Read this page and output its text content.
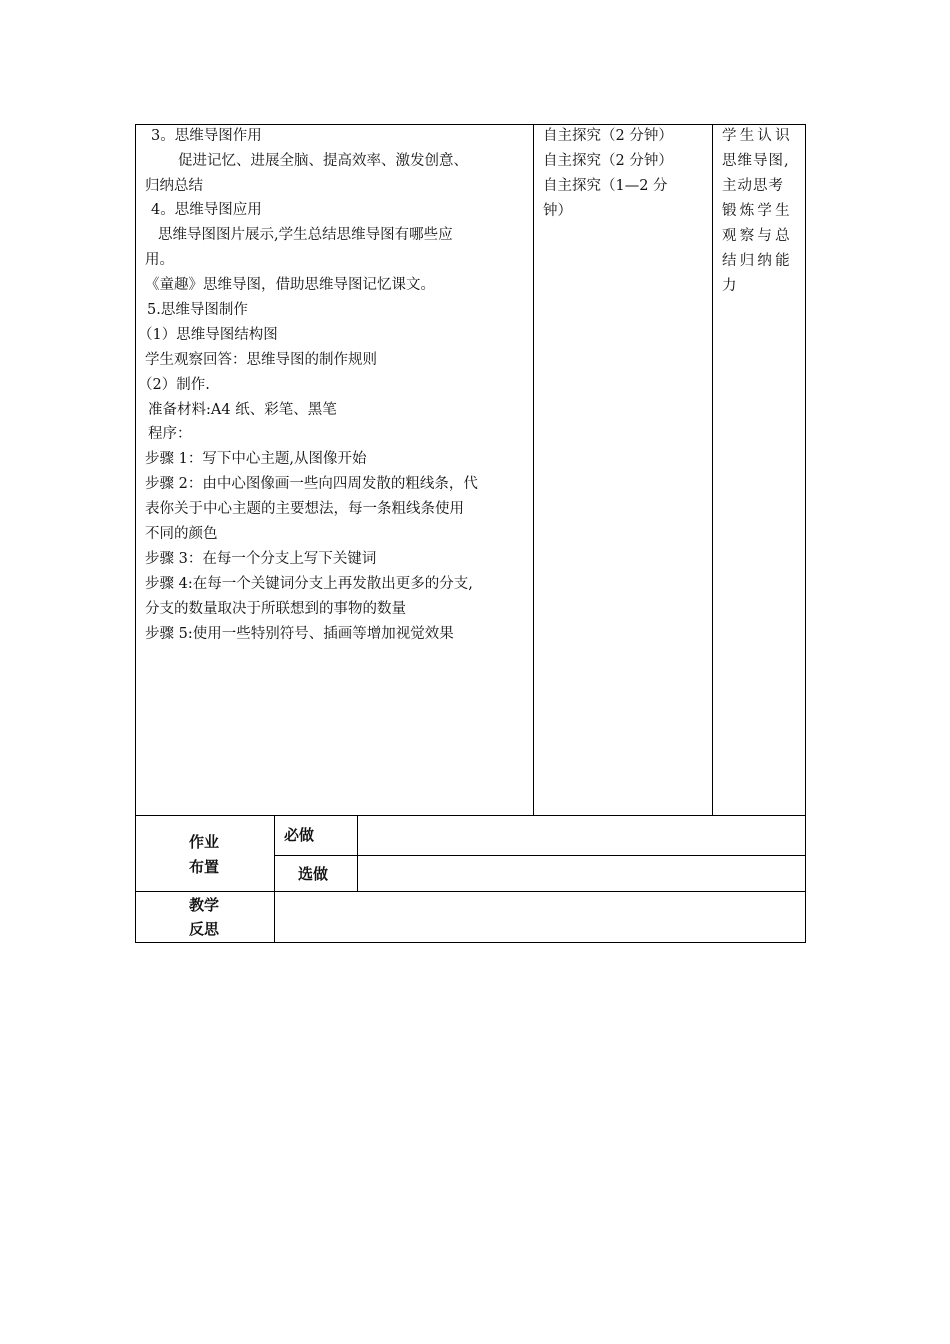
3。思维导图作用
促进记忆、进展全脑、提高效率、激发创意、
归纳总结
4。思维导图应用
思维导图图片展示,学生总结思维导图有哪些应
用。
《童趣》思维导图，借助思维导图记忆课文。
5.思维导图制作
（1）思维导图结构图
学生观察回答：思维导图的制作规则
（2）制作.
准备材料:A4 纸、彩笔、黑笔
程序：
步骤 1：写下中心主题,从图像开始
步骤 2：由中心图像画一些向四周发散的粗线条，代
表你关于中心主题的主要想法，每一条粗线条使用
不同的颜色
步骤 3：在每一个分支上写下关键词
步骤 4:在每一个关键词分支上再发散出更多的分支,
分支的数量取决于所联想到的事物的数量
步骤 5:使用一些特别符号、插画等增加视觉效果
自主探究（2 分钟）
自主探究（2 分钟）
自主探究（1—2 分
钟）
学生认识
思维导图,
主动思考
锻炼学生
观察与总
结归纳能
力
作业
布置
必做
选做
教学
反思
